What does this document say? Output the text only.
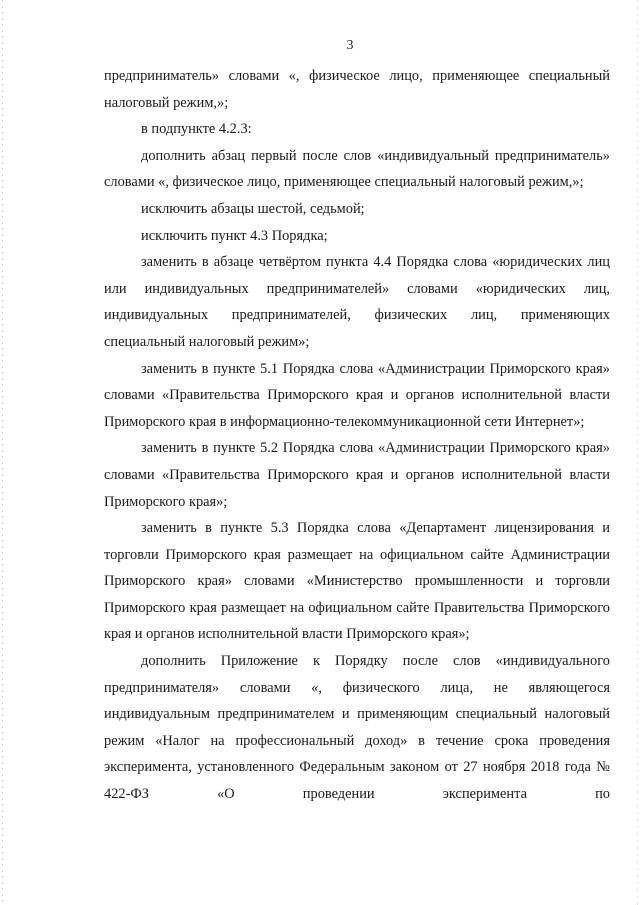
3

предприниматель» словами «, физическое лицо, применяющее специальный налоговый режим,»;

в подпункте 4.2.3:

дополнить абзац первый после слов «индивидуальный предприниматель» словами «, физическое лицо, применяющее специальный налоговый режим,»;

исключить абзацы шестой, седьмой;

исключить пункт 4.3 Порядка;

заменить в абзаце четвёртом пункта 4.4 Порядка слова «юридических лиц или индивидуальных предпринимателей» словами «юридических лиц, индивидуальных предпринимателей, физических лиц, применяющих специальный налоговый режим»;

заменить в пункте 5.1 Порядка слова «Администрации Приморского края» словами «Правительства Приморского края и органов исполнительной власти Приморского края в информационно-телекоммуникационной сети Интернет»;

заменить в пункте 5.2 Порядка слова «Администрации Приморского края» словами «Правительства Приморского края и органов исполнительной власти Приморского края»;

заменить в пункте 5.3 Порядка слова «Департамент лицензирования и торговли Приморского края размещает на официальном сайте Администрации Приморского края» словами «Министерство промышленности и торговли Приморского края размещает на официальном сайте Правительства Приморского края и органов исполнительной власти Приморского края»;

дополнить Приложение к Порядку после слов «индивидуального предпринимателя» словами «, физического лица, не являющегося индивидуальным предпринимателем и применяющим специальный налоговый режим «Налог на профессиональный доход» в течение срока проведения эксперимента, установленного Федеральным законом от 27 ноября 2018 года № 422-ФЗ «О проведении эксперимента по
